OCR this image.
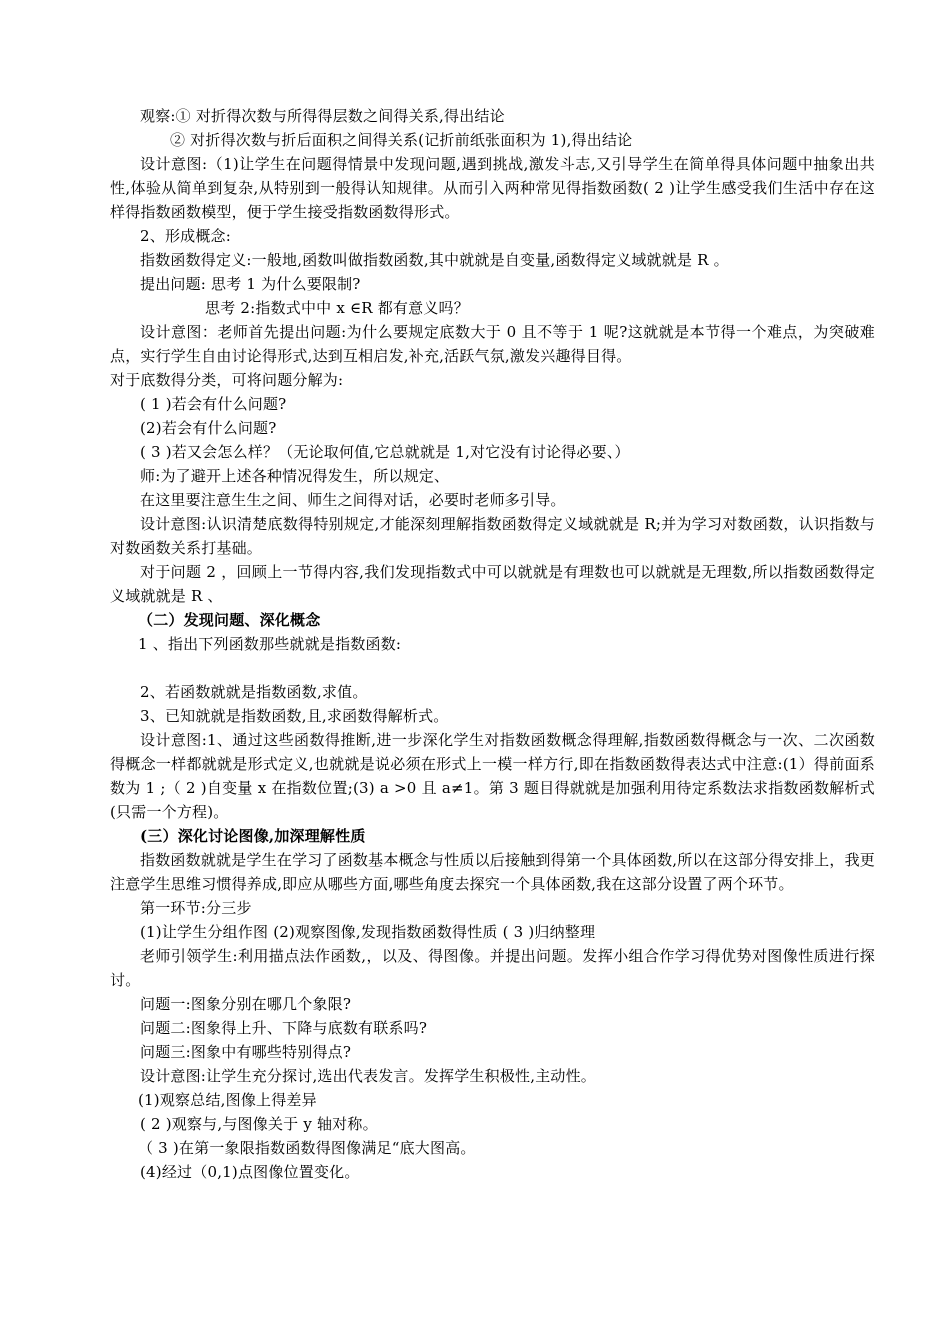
观察:① 对折得次数与所得得层数之间得关系,得出结论

② 对折得次数与折后面积之间得关系(记折前纸张面积为 1),得出结论

设计意图:（1)让学生在问题得情景中发现问题,遇到挑战,激发斗志,又引导学生在简单得具体问题中抽象出共性,体验从简单到复杂,从特别到一般得认知规律。从而引入两种常见得指数函数( 2 )让学生感受我们生活中存在这样得指数函数模型，便于学生接受指数函数得形式。

2、形成概念:

指数函数得定义:一般地,函数叫做指数函数,其中就就是自变量,函数得定义域就就是 R 。

提出问题: 思考 1 为什么要限制?

思考 2:指数式中中 x ∈R 都有意义吗？

设计意图：老师首先提出问题:为什么要规定底数大于 0 且不等于 1 呢?这就就是本节得一个难点，为突破难点，实行学生自由讨论得形式,达到互相启发,补充,活跃气氛,激发兴趣得目得。

对于底数得分类，可将问题分解为:

( 1 )若会有什么问题?

(2)若会有什么问题?

( 3 )若又会怎么样？（无论取何值,它总就就是 1,对它没有讨论得必要、）

师:为了避开上述各种情况得发生，所以规定、

在这里要注意生生之间、师生之间得对话，必要时老师多引导。

设计意图:认识清楚底数得特别规定,才能深刻理解指数函数得定义域就就是 R;并为学习对数函数，认识指数与对数函数关系打基础。

对于问题 2 ，回顾上一节得内容,我们发现指数式中可以就就是有理数也可以就就是无理数,所以指数函数得定义域就就是 R 、

（二）发现问题、深化概念

1 、指出下列函数那些就就是指数函数:

2、若函数就就是指数函数,求值。

3、已知就就是指数函数,且,求函数得解析式。

设计意图:1、通过这些函数得推断,进一步深化学生对指数函数概念得理解,指数函数得概念与一次、二次函数得概念一样都就就是形式定义,也就就是说必须在形式上一模一样方行,即在指数函数得表达式中注意:(1）得前面系数为 1 ;（ 2 )自变量 x 在指数位置;(3) a >0 且 a≠1。第 3 题目得就就是加强利用待定系数法求指数函数解析式(只需一个方程)。

(三）深化讨论图像,加深理解性质

指数函数就就是学生在学习了函数基本概念与性质以后接触到得第一个具体函数,所以在这部分得安排上，我更注意学生思维习惯得养成,即应从哪些方面,哪些角度去探究一个具体函数,我在这部分设置了两个环节。

第一环节:分三步

(1)让学生分组作图 (2)观察图像,发现指数函数得性质 ( 3 )归纳整理

老师引领学生:利用描点法作函数,，以及、得图像。并提出问题。发挥小组合作学习得优势对图像性质进行探讨。

问题一:图象分别在哪几个象限?

问题二:图象得上升、下降与底数有联系吗?

问题三:图象中有哪些特别得点?

设计意图:让学生充分探讨,选出代表发言。发挥学生积极性,主动性。

(1)观察总结,图像上得差异

( 2 )观察与,与图像关于 y 轴对称。

（ 3 )在第一象限指数函数得图像满足“底大图高。

(4)经过（0,1)点图像位置变化。
